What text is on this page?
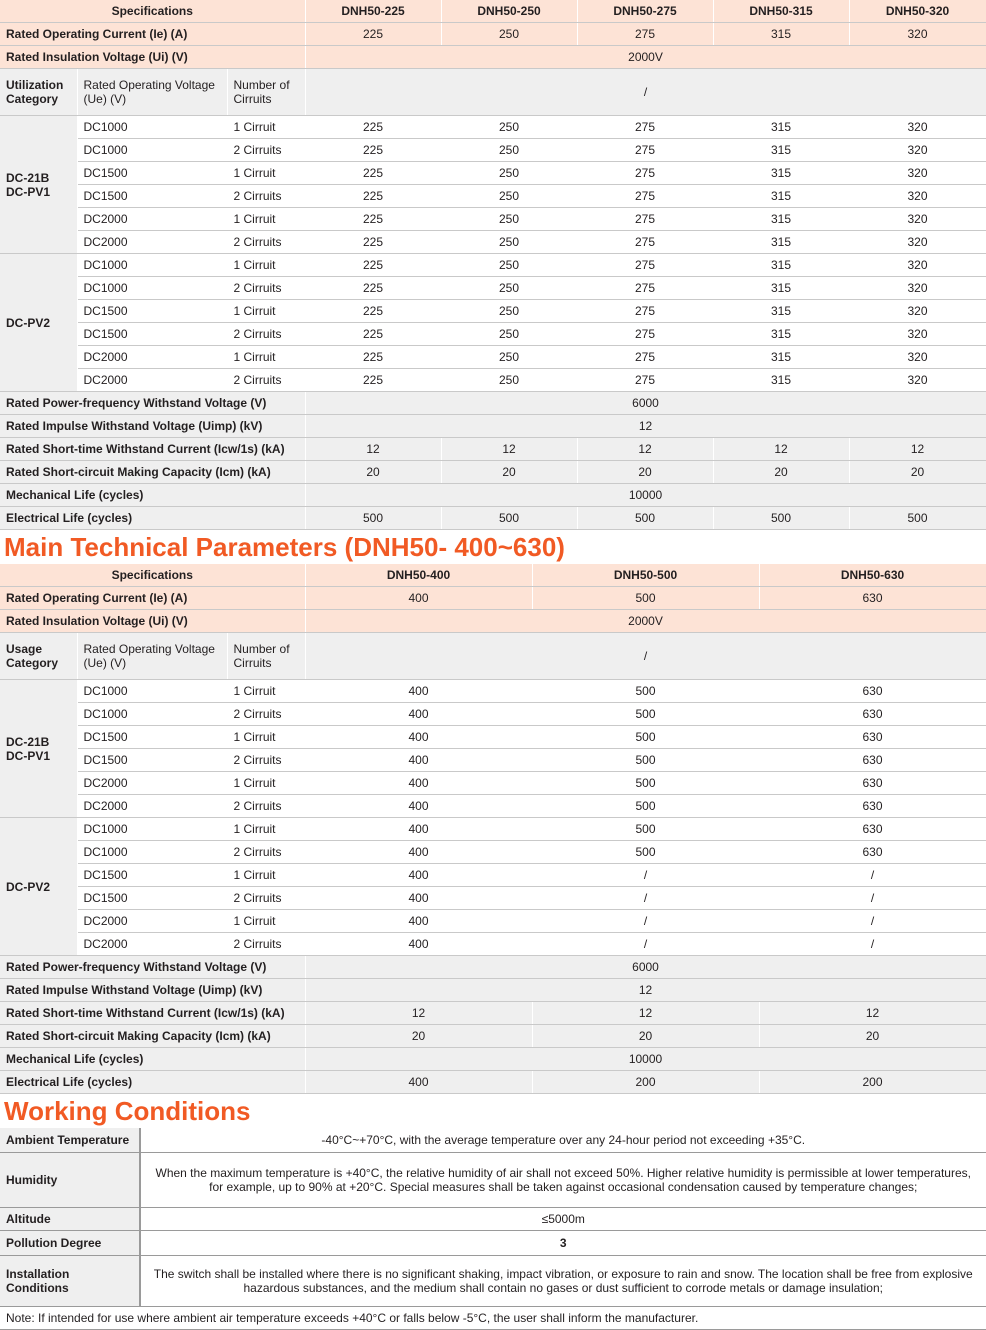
Specifications			DNH50-225	DNH50-250	DNH50-275	DNH50-315	DNH50-320
Rated Operating Current (Ie) (A)			225	250	275	315	320
Rated Insulation Voltage (Ui) (V)			2000V				
Utilization Category	Rated Operating Voltage (Ue) (V)	Number of Cirruits	/				
DC-21B
DC-PV1	DC1000	1 Cirruit	225	250	275	315	320
	DC1000	2 Cirruits	225	250	275	315	320
	DC1500	1 Cirruit	225	250	275	315	320
	DC1500	2 Cirruits	225	250	275	315	320
	DC2000	1 Cirruit	225	250	275	315	320
	DC2000	2 Cirruits	225	250	275	315	320
DC-PV2	DC1000	1 Cirruit	225	250	275	315	320
	DC1000	2 Cirruits	225	250	275	315	320
	DC1500	1 Cirruit	225	250	275	315	320
	DC1500	2 Cirruits	225	250	275	315	320
	DC2000	1 Cirruit	225	250	275	315	320
	DC2000	2 Cirruits	225	250	275	315	320
Rated Power-frequency Withstand Voltage (V)			6000				
Rated Impulse Withstand Voltage (Uimp) (kV)			12				
Rated Short-time Withstand Current (Icw/1s) (kA)			12	12	12	12	12
Rated Short-circuit Making Capacity (Icm) (kA)			20	20	20	20	20
Mechanical Life (cycles)			10000				
Electrical Life (cycles)			500	500	500	500	500
Main Technical Parameters (DNH50- 400~630)
Specifications			DNH50-400	DNH50-500	DNH50-630
Rated Operating Current (Ie) (A)			400	500	630
Rated Insulation Voltage (Ui) (V)			2000V		
Usage Category	Rated Operating Voltage (Ue) (V)	Number of Cirruits	/		
DC-21B
DC-PV1	DC1000	1 Cirruit	400	500	630
	DC1000	2 Cirruits	400	500	630
	DC1500	1 Cirruit	400	500	630
	DC1500	2 Cirruits	400	500	630
	DC2000	1 Cirruit	400	500	630
	DC2000	2 Cirruits	400	500	630
DC-PV2	DC1000	1 Cirruit	400	500	630
	DC1000	2 Cirruits	400	500	630
	DC1500	1 Cirruit	400	/	/
	DC1500	2 Cirruits	400	/	/
	DC2000	1 Cirruit	400	/	/
	DC2000	2 Cirruits	400	/	/
Rated Power-frequency Withstand Voltage (V)			6000		
Rated Impulse Withstand Voltage (Uimp) (kV)			12		
Rated Short-time Withstand Current (Icw/1s) (kA)			12	12	12
Rated Short-circuit Making Capacity (Icm) (kA)			20	20	20
Mechanical Life (cycles)			10000		
Electrical Life (cycles)			400	200	200
Working Conditions
Ambient Temperature	-40°C~+70°C, with the average temperature over any 24-hour period not exceeding +35°C.
Humidity	When the maximum temperature is +40°C, the relative humidity of air shall not exceed 50%. Higher relative humidity is permissible at lower temperatures, for example, up to 90% at +20°C. Special measures shall be taken against occasional condensation caused by temperature changes;
Altitude	≤5000m
Pollution Degree	3
Installation Conditions	The switch shall be installed where there is no significant shaking, impact vibration, or exposure to rain and snow. The location shall be free from explosive hazardous substances, and the medium shall contain no gases or dust sufficient to corrode metals or damage insulation;
Note: If intended for use where ambient air temperature exceeds +40°C or falls below -5°C, the user shall inform the manufacturer.	
